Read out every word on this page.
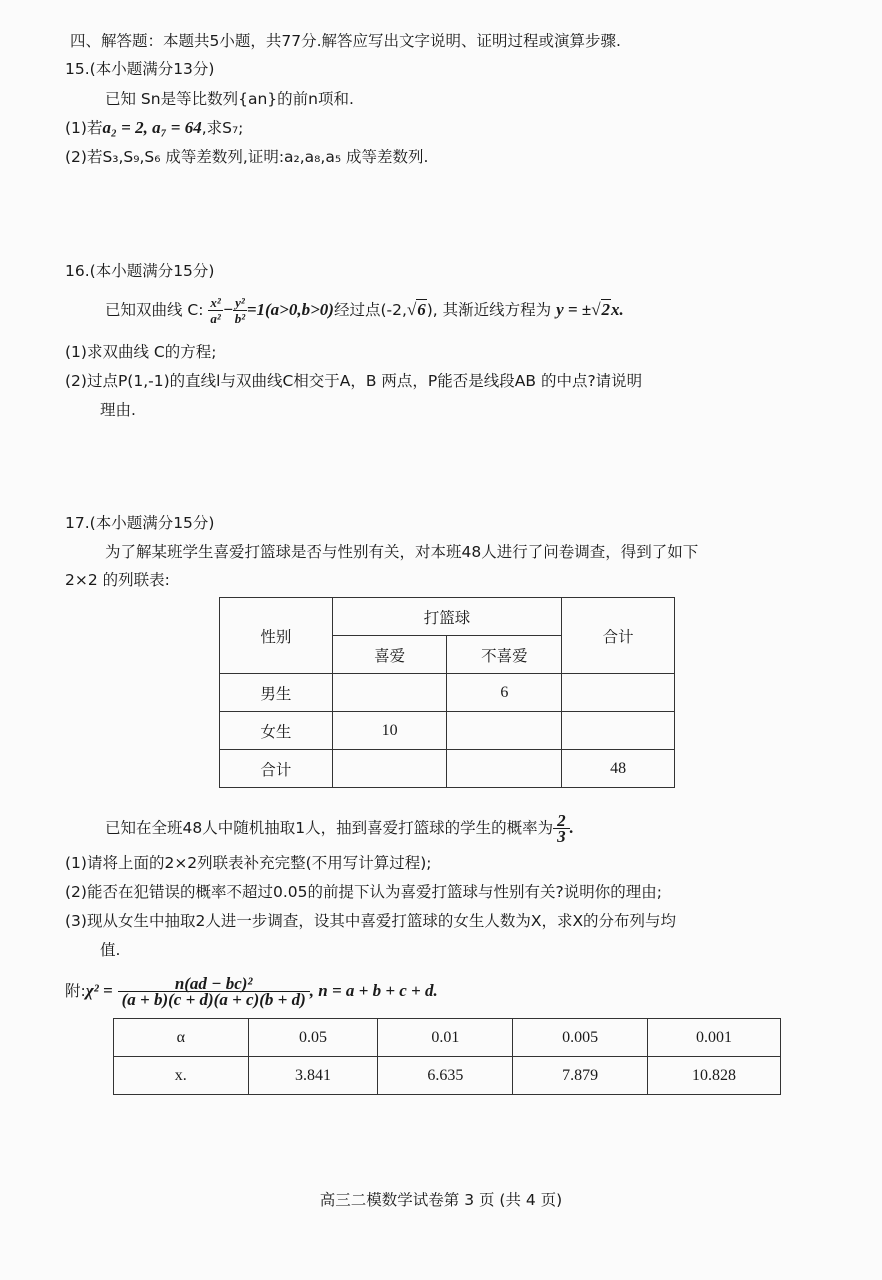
四、解答题：本题共5小题，共77分.解答应写出文字说明、证明过程或演算步骤.
15.(本小题满分13分)
已知 Sn是等比数列{an}的前n项和.
(1)若a₂ = 2, a₇ = 64,求S₇;
(2)若S₃,S₉,S₆ 成等差数列,证明:a₂,a₈,a₅ 成等差数列.
16.(本小题满分15分)
已知双曲线 C: $\frac{\text{x²}}{\text{a²}} - \frac{\text{y²}}{\text{b²}} =1(a>0,b>0)$经过点(-2,√6), 其渐近线方程为 y = ±√2x.
(1)求双曲线 C的方程;
(2)过点P(1,-1)的直线l与双曲线C相交于A，B 两点，P能否是线段AB 的中点?请说明
理由.
17.(本小题满分15分)
为了解某班学生喜爱打篮球是否与性别有关，对本班48人进行了问卷调查，得到了如下
2×2 的列联表:
性别	打篮球		合计
	喜爱	不喜爱	
男生		6	
女生	10		
合计			48
已知在全班48人中随机抽取1人，抽到喜爱打篮球的学生的概率为 $\frac{2}{3}$ .
(1)请将上面的2×2列联表补充完整(不用写计算过程);
(2)能否在犯错误的概率不超过0.05的前提下认为喜爱打篮球与性别有关?说明你的理由;
(3)现从女生中抽取2人进一步调查，设其中喜爱打篮球的女生人数为X，求X的分布列与均
值.
附:χ² = $\frac{\text{n(ad − bc)²}}{(a + b)(c + d)(a + c)(b + d)}$ , n = a + b + c + d.
α	0.05	0.01	0.005	0.001
x.	3.841	6.635	7.879	10.828
高三二模数学试卷第 3 页 (共 4 页)
